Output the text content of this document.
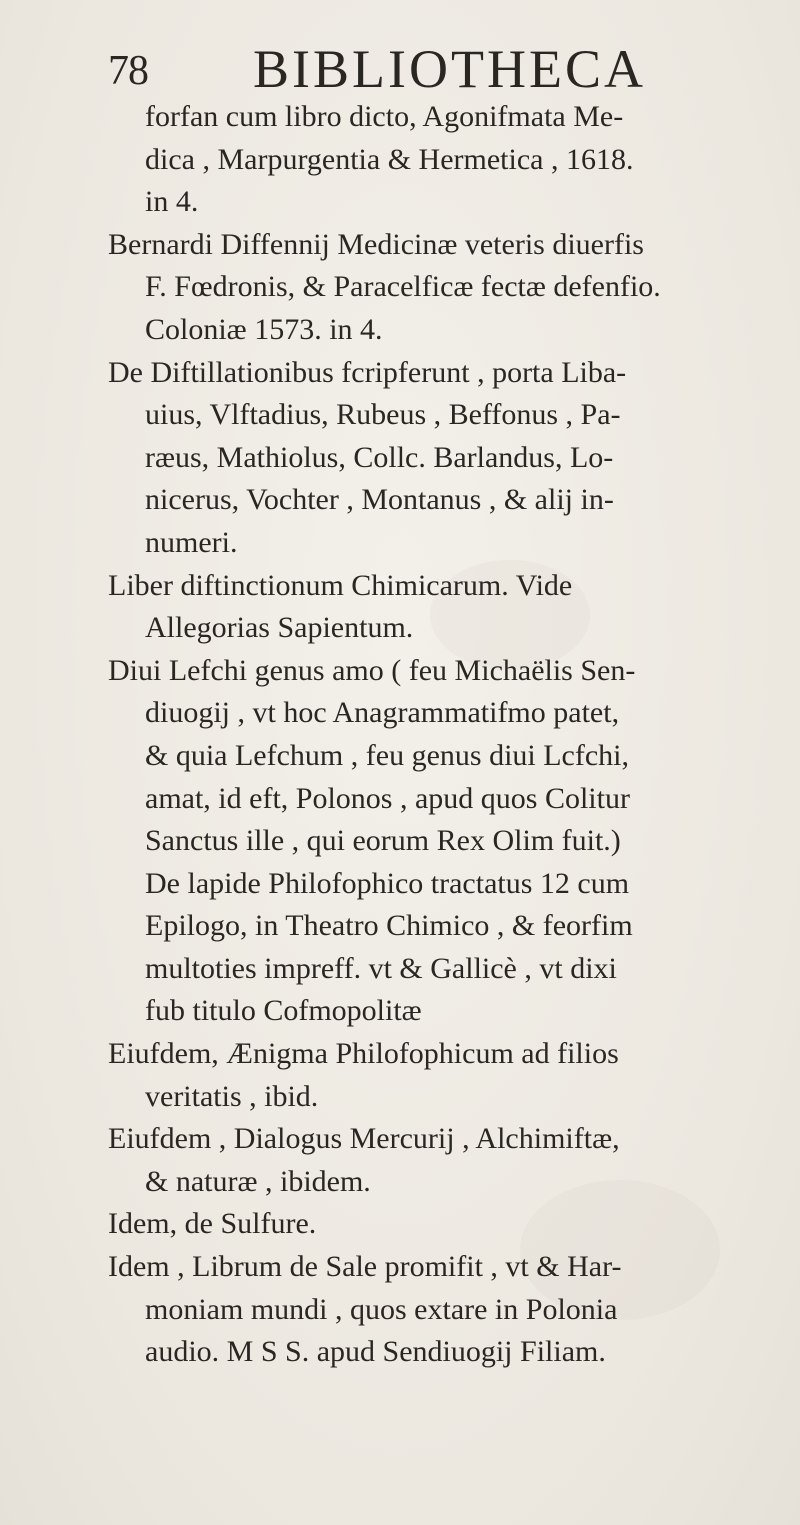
78 BIBLIOTHECA
forfan cum libro dicto, Agonifmata Me-
dica , Marpurgentia & Hermetica , 1618.
in 4.
Bernardi Diffennij Medicinæ veteris diuerfis
F. Fœdronis, & Paracelficæ fectæ defenfio.
Coloniæ 1573. in 4.
De Diftillationibus fcripferunt , porta Liba-
uius, Vlftadius, Rubeus , Beffonus , Pa-
ræus, Mathiolus, Collc. Barlandus, Lo-
nicerus, Vochter , Montanus , & alij in-
numeri.
Liber diftinctionum Chimicarum. Vide
Allegorias Sapientum.
Diui Lefchi genus amo ( feu Michaëlis Sen-
diuogij , vt hoc Anagrammatifmo patet,
& quia Lefchum , feu genus diui Lcfchi,
amat, id eft, Polonos , apud quos Colitur
Sanctus ille , qui eorum Rex Olim fuit.)
De lapide Philofophico tractatus 12 cum
Epilogo, in Theatro Chimico , & feorfim
multoties impreff. vt & Gallicè , vt dixi
fub titulo Cofmopolitæ
Eiufdem, Ænigma Philofophicum ad filios
veritatis , ibid.
Eiufdem , Dialogus Mercurij , Alchimiftæ,
& naturæ , ibidem.
Idem, de Sulfure.
Idem , Librum de Sale promifit , vt & Har-
moniam mundi , quos extare in Polonia
audio. M S S. apud Sendiuogij Filiam.
